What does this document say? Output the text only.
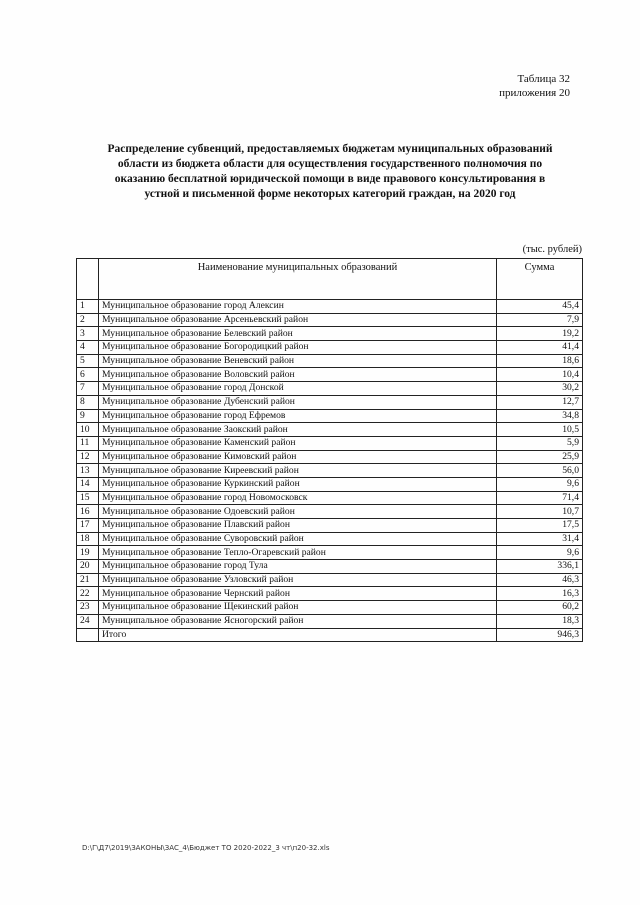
Таблица 32
приложения 20
Распределение субвенций, предоставляемых бюджетам муниципальных образований
области из бюджета области для осуществления государственного полномочия по
оказанию бесплатной юридической помощи в виде правового консультирования в
устной и письменной форме некоторых категорий граждан, на 2020 год
(тыс. рублей)
	Наименование муниципальных образований	Сумма
1	Муниципальное образование город Алексин	45,4
2	Муниципальное образование Арсеньевский район	7,9
3	Муниципальное образование Белевский район	19,2
4	Муниципальное образование Богородицкий район	41,4
5	Муниципальное образование Веневский район	18,6
6	Муниципальное образование Воловский район	10,4
7	Муниципальное образование город Донской	30,2
8	Муниципальное образование Дубенский район	12,7
9	Муниципальное образование город Ефремов	34,8
10	Муниципальное образование Заокский район	10,5
11	Муниципальное образование Каменский район	5,9
12	Муниципальное образование Кимовский район	25,9
13	Муниципальное образование Киреевский район	56,0
14	Муниципальное образование Куркинский район	9,6
15	Муниципальное образование город Новомосковск	71,4
16	Муниципальное образование Одоевский район	10,7
17	Муниципальное образование Плавский район	17,5
18	Муниципальное образование Суворовский район	31,4
19	Муниципальное образование Тепло-Огаревский район	9,6
20	Муниципальное образование город Тула	336,1
21	Муниципальное образование Узловский район	46,3
22	Муниципальное образование Чернский район	16,3
23	Муниципальное образование Щекинский район	60,2
24	Муниципальное образование Ясногорский район	18,3
	Итого	946,3
D:\Г\Д7\2019\ЗАКОНЫ\ЗАС_4\Бюджет ТО 2020-2022_3 чт\п20-32.xls
